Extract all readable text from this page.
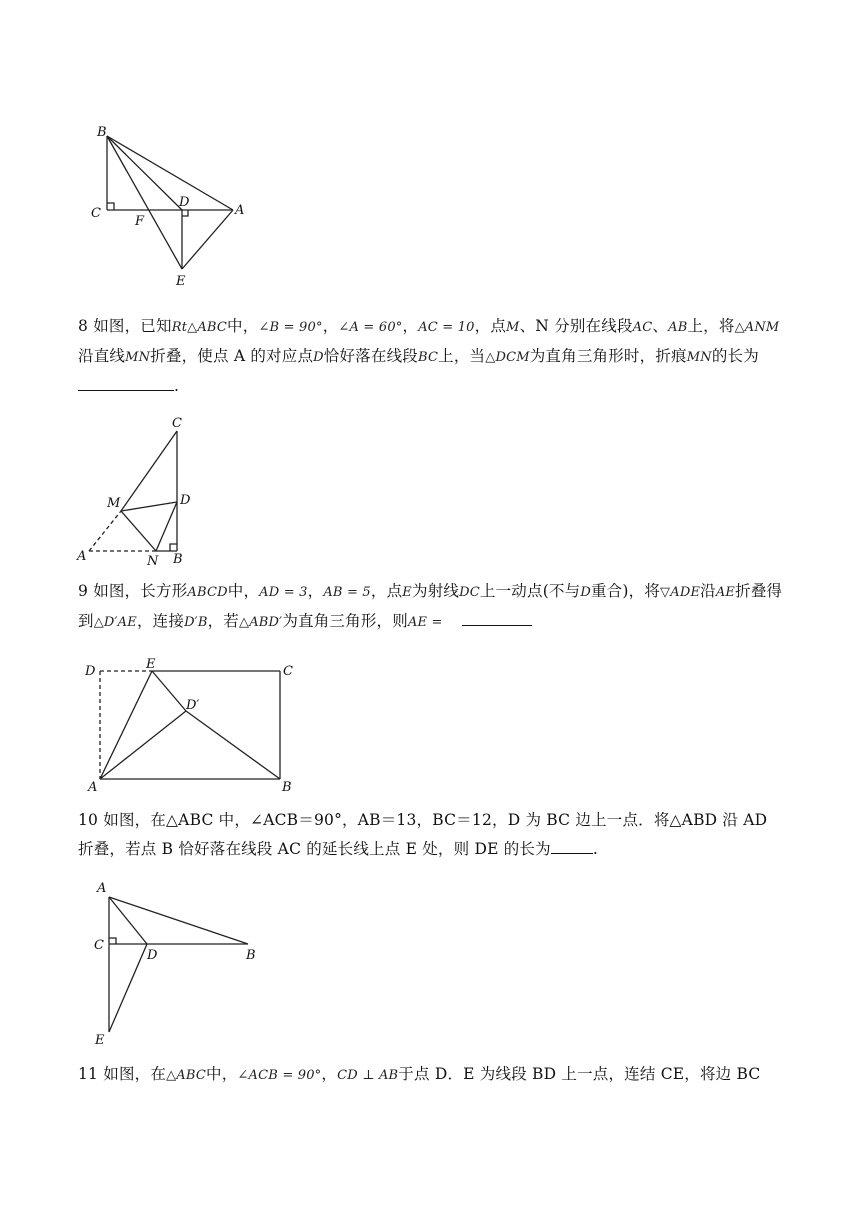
B
C
F
D
A
E
8 如图，已知Rt△ABC中，∠B = 90°，∠A = 60°，AC = 10，点M、N 分别在线段AC、AB上，将△ANM沿直线MN折叠，使点 A 的对应点D恰好落在线段BC上，当△DCM为直角三角形时，折痕MN的长为.
C
M	D
A	N B
9 如图，长方形ABCD中，AD = 3，AB = 5，点E为射线DC上一动点(不与D重合)，将▽ADE沿AE折叠得到△D′AE，连接D′B，若△ABD′为直角三角形，则AE =
D	E	C
D′
A	B
10 如图，在△ABC 中，∠ACB＝90°，AB＝13，BC＝12，D 为 BC 边上一点．将△ABD 沿 AD 折叠，若点 B 恰好落在线段 AC 的延长线上点 E 处，则 DE 的长为	.
A
C
D	B
E
11 如图，在△ABC中，∠ACB = 90°，CD ⊥ AB于点 D．E 为线段 BD 上一点，连结 CE，将边 BC
